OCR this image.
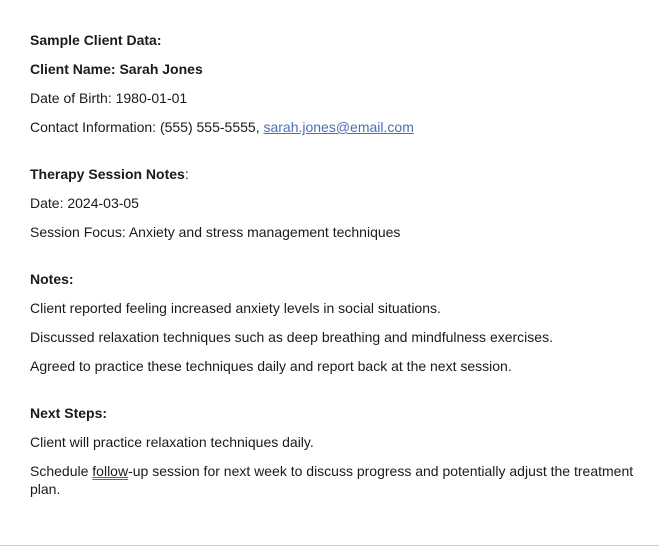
Sample Client Data:
Client Name: Sarah Jones
Date of Birth: 1980-01-01
Contact Information: (555) 555-5555, sarah.jones@email.com
Therapy Session Notes:
Date: 2024-03-05
Session Focus: Anxiety and stress management techniques
Notes:
Client reported feeling increased anxiety levels in social situations.
Discussed relaxation techniques such as deep breathing and mindfulness exercises.
Agreed to practice these techniques daily and report back at the next session.
Next Steps:
Client will practice relaxation techniques daily.
Schedule follow-up session for next week to discuss progress and potentially adjust the treatment plan.
